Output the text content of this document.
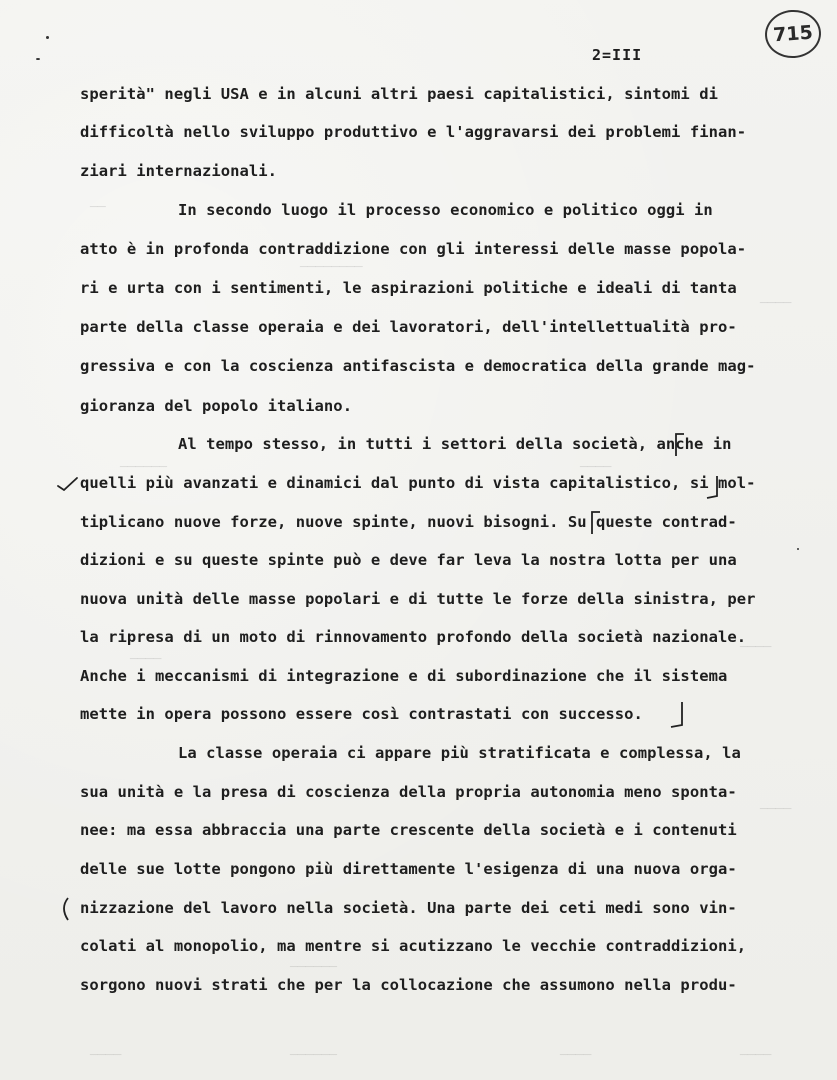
715
2=III
sperità" negli USA e in alcuni altri paesi capitalistici, sintomi di
difficoltà nello sviluppo produttivo e l'aggravarsi dei problemi finan-
ziari internazionali.
In secondo luogo il processo economico e politico oggi in
atto è in profonda contraddizione con gli interessi delle masse popola-
ri e urta con i sentimenti, le aspirazioni politiche e ideali di tanta
parte della classe operaia e dei lavoratori, dell'intellettualità pro-
gressiva e con la coscienza antifascista e democratica della grande mag-
gioranza del popolo italiano.
Al tempo stesso, in tutti i settori della società, anche in
quelli più avanzati e dinamici dal punto di vista capitalistico, si mol-
tiplicano nuove forze, nuove spinte, nuovi bisogni. Su queste contrad-
dizioni e su queste spinte può e deve far leva la nostra lotta per una
nuova unità delle masse popolari e di tutte le forze della sinistra, per
la ripresa di un moto di rinnovamento profondo della società nazionale.
Anche i meccanismi di integrazione e di subordinazione che il sistema
mette in opera possono essere così contrastati con successo.
La classe operaia ci appare più stratificata e complessa, la
sua unità e la presa di coscienza della propria autonomia meno sponta-
nee: ma essa abbraccia una parte crescente della società e i contenuti
delle sue lotte pongono più direttamente l'esigenza di una nuova orga-
nizzazione del lavoro nella società. Una parte dei ceti medi sono vin-
colati al monopolio, ma mentre si acutizzano le vecchie contraddizioni,
sorgono nuovi strati che per la collocazione che assumono nella produ-
──
────────
────
──────	────
────
────
────
──────
────	──────	────	────
